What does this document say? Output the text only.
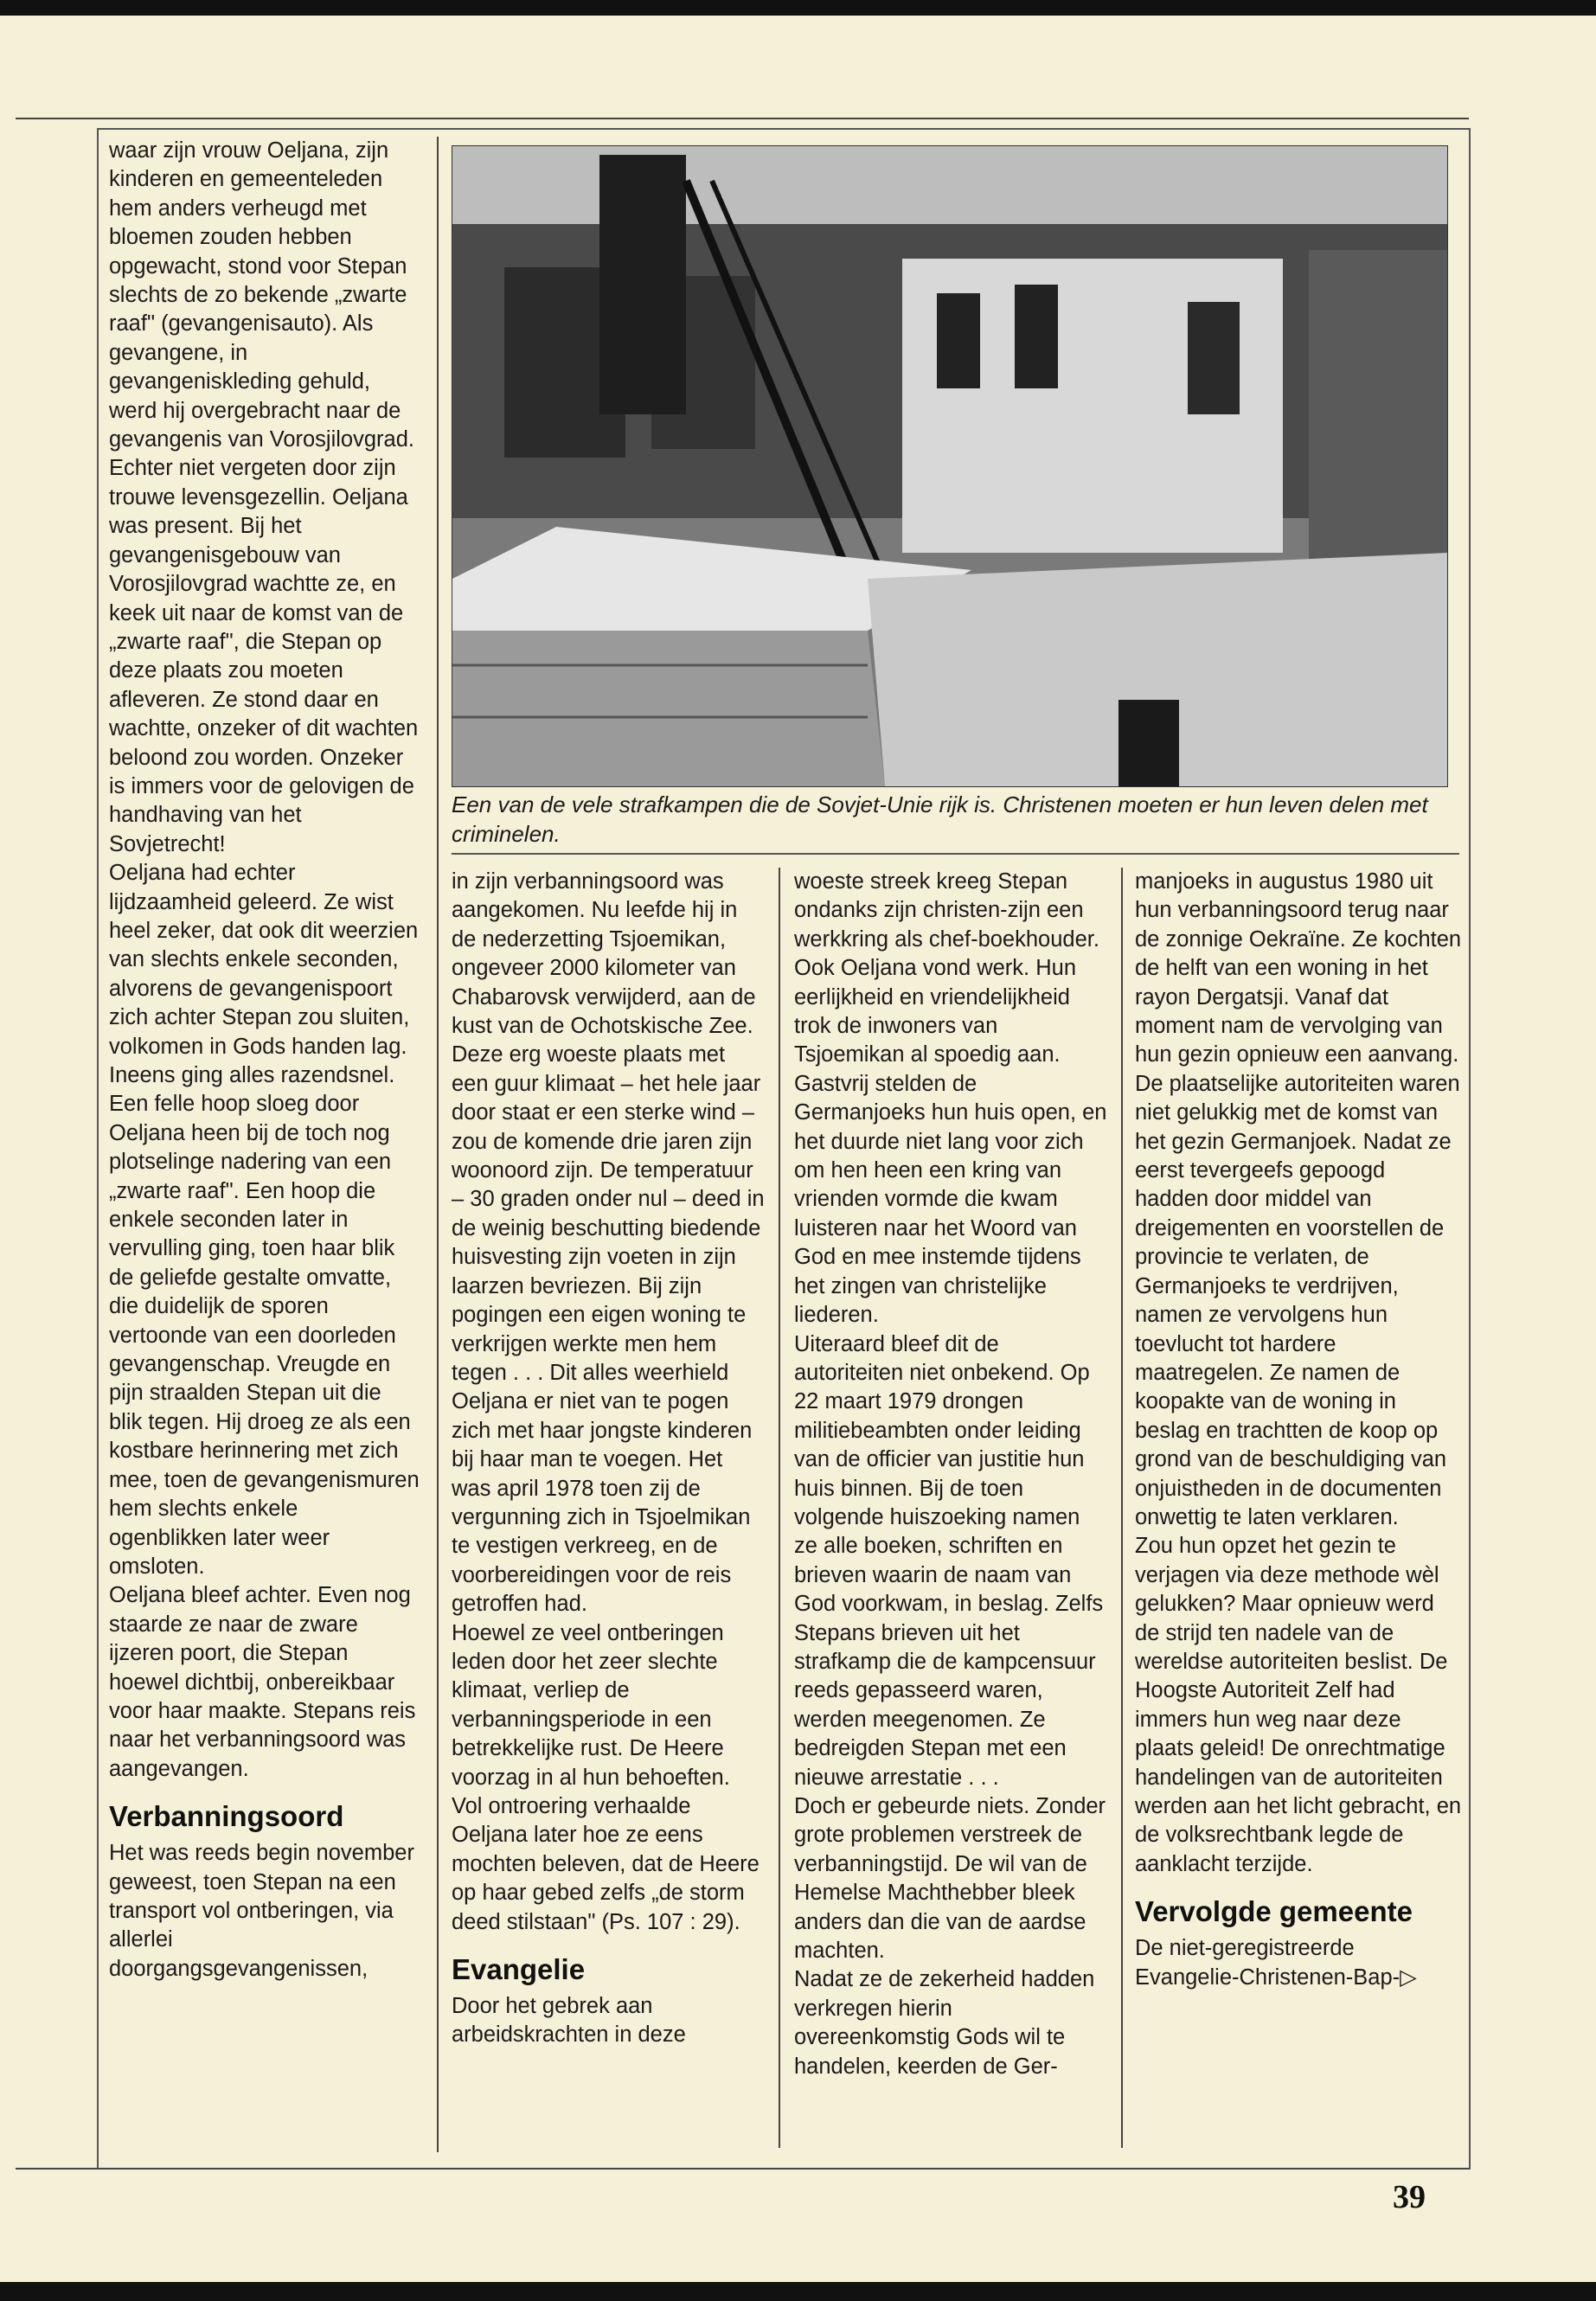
Een van de vele strafkampen die de Sovjet-Unie rijk is. Christenen moeten er hun leven delen met criminelen.

waar zijn vrouw Oeljana, zijn kinderen en gemeenteleden hem anders verheugd met bloemen zouden hebben opgewacht, stond voor Stepan slechts de zo bekende „zwarte raaf" (gevangenisauto). Als gevangene, in gevangeniskleding gehuld, werd hij overgebracht naar de gevangenis van Vorosjilovgrad. Echter niet vergeten door zijn trouwe levensgezellin. Oeljana was present. Bij het gevangenisgebouw van Vorosjilovgrad wachtte ze, en keek uit naar de komst van de „zwarte raaf", die Stepan op deze plaats zou moeten afleveren. Ze stond daar en wachtte, onzeker of dit wachten beloond zou worden. Onzeker is immers voor de gelovigen de handhaving van het Sovjetrecht!

Oeljana had echter lijdzaamheid geleerd. Ze wist heel zeker, dat ook dit weerzien van slechts enkele seconden, alvorens de gevangenispoort zich achter Stepan zou sluiten, volkomen in Gods handen lag. Ineens ging alles razendsnel. Een felle hoop sloeg door Oeljana heen bij de toch nog plotselinge nadering van een „zwarte raaf". Een hoop die enkele seconden later in vervulling ging, toen haar blik de geliefde gestalte omvatte, die duidelijk de sporen vertoonde van een doorleden gevangenschap. Vreugde en pijn straalden Stepan uit die blik tegen. Hij droeg ze als een kostbare herinnering met zich mee, toen de gevangenismuren hem slechts enkele ogenblikken later weer omsloten.

Oeljana bleef achter. Even nog staarde ze naar de zware ijzeren poort, die Stepan hoewel dichtbij, onbereikbaar voor haar maakte. Stepans reis naar het verbanningsoord was aangevangen.

Verbanningsoord

Het was reeds begin november geweest, toen Stepan na een transport vol ontberingen, via allerlei doorgangsgevangenissen,

in zijn verbanningsoord was aangekomen. Nu leefde hij in de nederzetting Tsjoemikan, ongeveer 2000 kilometer van Chabarovsk verwijderd, aan de kust van de Ochotskische Zee. Deze erg woeste plaats met een guur klimaat – het hele jaar door staat er een sterke wind – zou de komende drie jaren zijn woonoord zijn. De temperatuur – 30 graden onder nul – deed in de weinig beschutting biedende huisvesting zijn voeten in zijn laarzen bevriezen. Bij zijn pogingen een eigen woning te verkrijgen werkte men hem tegen . . . Dit alles weerhield Oeljana er niet van te pogen zich met haar jongste kinderen bij haar man te voegen. Het was april 1978 toen zij de vergunning zich in Tsjoelmikan te vestigen verkreeg, en de voorbereidingen voor de reis getroffen had.

Hoewel ze veel ontberingen leden door het zeer slechte klimaat, verliep de verbanningsperiode in een betrekkelijke rust. De Heere voorzag in al hun behoeften. Vol ontroering verhaalde Oeljana later hoe ze eens mochten beleven, dat de Heere op haar gebed zelfs „de storm deed stilstaan" (Ps. 107 : 29).

Evangelie

Door het gebrek aan arbeidskrachten in deze

woeste streek kreeg Stepan ondanks zijn christen-zijn een werkkring als chef-boekhouder. Ook Oeljana vond werk. Hun eerlijkheid en vriendelijkheid trok de inwoners van Tsjoemikan al spoedig aan. Gastvrij stelden de Germanjoeks hun huis open, en het duurde niet lang voor zich om hen heen een kring van vrienden vormde die kwam luisteren naar het Woord van God en mee instemde tijdens het zingen van christelijke liederen.

Uiteraard bleef dit de autoriteiten niet onbekend. Op 22 maart 1979 drongen militiebeambten onder leiding van de officier van justitie hun huis binnen. Bij de toen volgende huiszoeking namen ze alle boeken, schriften en brieven waarin de naam van God voorkwam, in beslag. Zelfs Stepans brieven uit het strafkamp die de kampcensuur reeds gepasseerd waren, werden meegenomen. Ze bedreigden Stepan met een nieuwe arrestatie . . .

Doch er gebeurde niets. Zonder grote problemen verstreek de verbanningstijd. De wil van de Hemelse Machthebber bleek anders dan die van de aardse machten.

Nadat ze de zekerheid hadden verkregen hierin overeenkomstig Gods wil te handelen, keerden de Ger-

manjoeks in augustus 1980 uit hun verbanningsoord terug naar de zonnige Oekraïne. Ze kochten de helft van een woning in het rayon Dergatsji. Vanaf dat moment nam de vervolging van hun gezin opnieuw een aanvang.

De plaatselijke autoriteiten waren niet gelukkig met de komst van het gezin Germanjoek. Nadat ze eerst tevergeefs gepoogd hadden door middel van dreigementen en voorstellen de provincie te verlaten, de Germanjoeks te verdrijven, namen ze vervolgens hun toevlucht tot hardere maatregelen. Ze namen de koopakte van de woning in beslag en trachtten de koop op grond van de beschuldiging van onjuistheden in de documenten onwettig te laten verklaren.

Zou hun opzet het gezin te verjagen via deze methode wèl gelukken? Maar opnieuw werd de strijd ten nadele van de wereldse autoriteiten beslist. De Hoogste Autoriteit Zelf had immers hun weg naar deze plaats geleid! De onrechtmatige handelingen van de autoriteiten werden aan het licht gebracht, en de volksrechtbank legde de aanklacht terzijde.

Vervolgde gemeente

De niet-geregistreerde Evangelie-Christenen-Bap-▷

39
